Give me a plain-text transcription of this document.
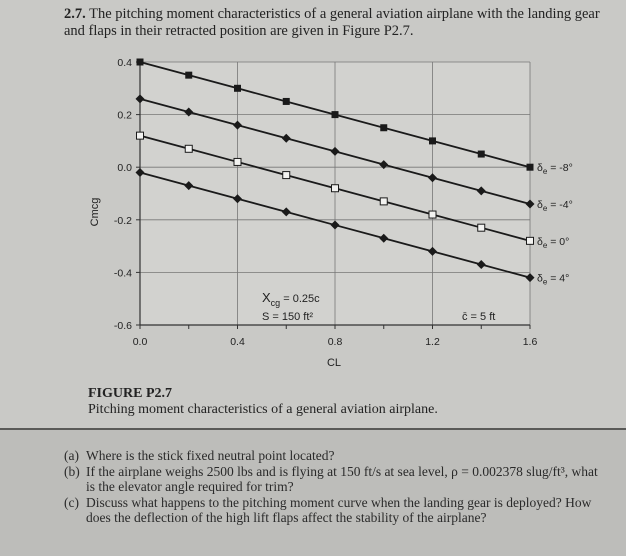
2.7. The pitching moment characteristics of a general aviation airplane with the landing gear and flaps in their retracted position are given in Figure P2.7.
0.0	0.4	0.8	1.2	1.6
0.4
0.2
0.0
-0.2
-0.4
-0.6
$\delta_e = -8^\circ$
$\delta_e = -4^\circ$
$\delta_e = 0^\circ$
$\delta_e = 4^\circ$
Cmcg
CL
$X_{cg} = 0.25c$
S = 150 ft²	c̄ = 5 ft
FIGURE P2.7
Pitching moment characteristics of a general aviation airplane.

(a) Where is the stick fixed neutral point located?

(b) If the airplane weighs 2500 lbs and is flying at 150 ft/s at sea level, ρ = 0.002378 slug/ft³, what is the elevator angle required for trim?

(c) Discuss what happens to the pitching moment curve when the landing gear is deployed? How does the deflection of the high lift flaps affect the stability of the airplane?
